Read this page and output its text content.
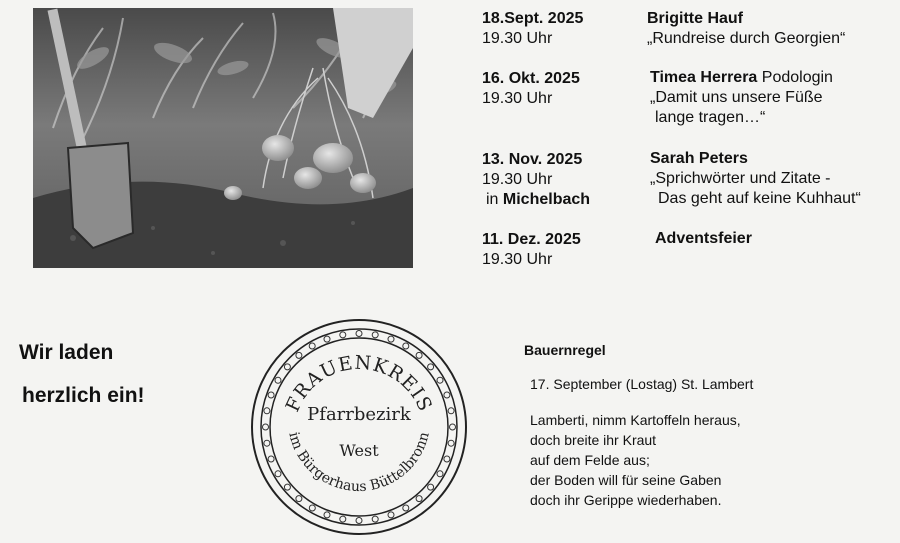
18.Sept. 2025
19.30 Uhr
Brigitte Hauf
„Rundreise durch Georgien“
16. Okt. 2025
19.30 Uhr
Timea Herrera Podologin
„Damit uns unsere Füße
lange tragen…“
13. Nov. 2025
19.30 Uhr
in Michelbach
Sarah Peters
„Sprichwörter und Zitate -
Das geht auf keine Kuhhaut“
11. Dez. 2025
19.30 Uhr
Adventsfeier
Wir laden
herzlich ein!	FRAUENKREIS
im Bürgerhaus Büttelbronn
Pfarrbezirk
West
Bauernregel
17. September (Lostag) St. Lambert
Lamberti, nimm Kartoffeln heraus,
doch breite ihr Kraut
auf dem Felde aus;
der Boden will für seine Gaben
doch ihr Gerippe wiederhaben.
